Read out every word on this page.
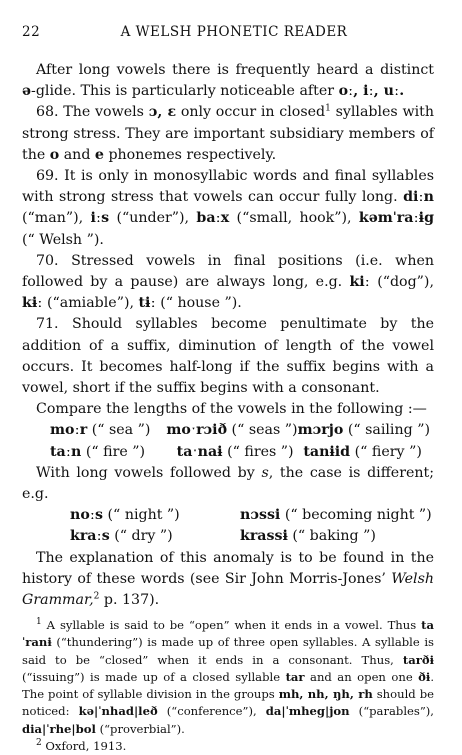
22	A WELSH PHONETIC READER

After long vowels there is frequently heard a distinct ə-glide. This is particularly noticeable after oː, iː, uː.

68. The vowels ɔ, ɛ only occur in closed$^1$ syllables with strong stress. They are important subsidiary members of the o and e phonemes respectively.

69. It is only in monosyllabic words and final syllables with strong stress that vowels can occur fully long. diːn (“man”), iːs (“under”), baːx (“small, hook”), kəmˈraːɨg (“ Welsh ”).

70. Stressed vowels in final positions (i.e. when followed by a pause) are always long, e.g. kiː (“dog”), kɨː (“amiable”), tɨː (“ house ”).

71. Should syllables become penultimate by the addition of a suffix, diminution of length of the vowel occurs. It becomes half-long if the suffix begins with a vowel, short if the suffix begins with a consonant.

Compare the lengths of the vowels in the following :—

moːr (“ sea ”)	moˑrɔið (“ seas ”) mɔrjo (“ sailing ”)
taːn (“ fire ”)	taˑnaɨ (“ fires ”) tanɨid (“ fiery ”)

With long vowels followed by s, the case is different; e.g.

noːs (“ night ”)	nɔssi (“ becoming night ”)
kraːs (“ dry ”)	krassɨ (“ baking ”)

The explanation of this anomaly is to be found in the history of these words (see Sir John Morris-Jones’ Welsh Grammar,$^2$ p. 137).

$^1$ A syllable is said to be “open” when it ends in a vowel. Thus taˈranɨ (“thundering”) is made up of three open syllables. A syllable is said to be “closed” when it ends in a consonant. Thus, tarðɨ (“issuing”) is made up of a closed syllable tar and an open one ðɨ. The point of syllable division in the groups mh, nh, ŋh, rh should be noticed: kə|ˈnhad|leð (“conference”), da|ˈmheg|jon (“parables”), dia|ˈrhe|bol (“proverbial”).

$^2$ Oxford, 1913.
